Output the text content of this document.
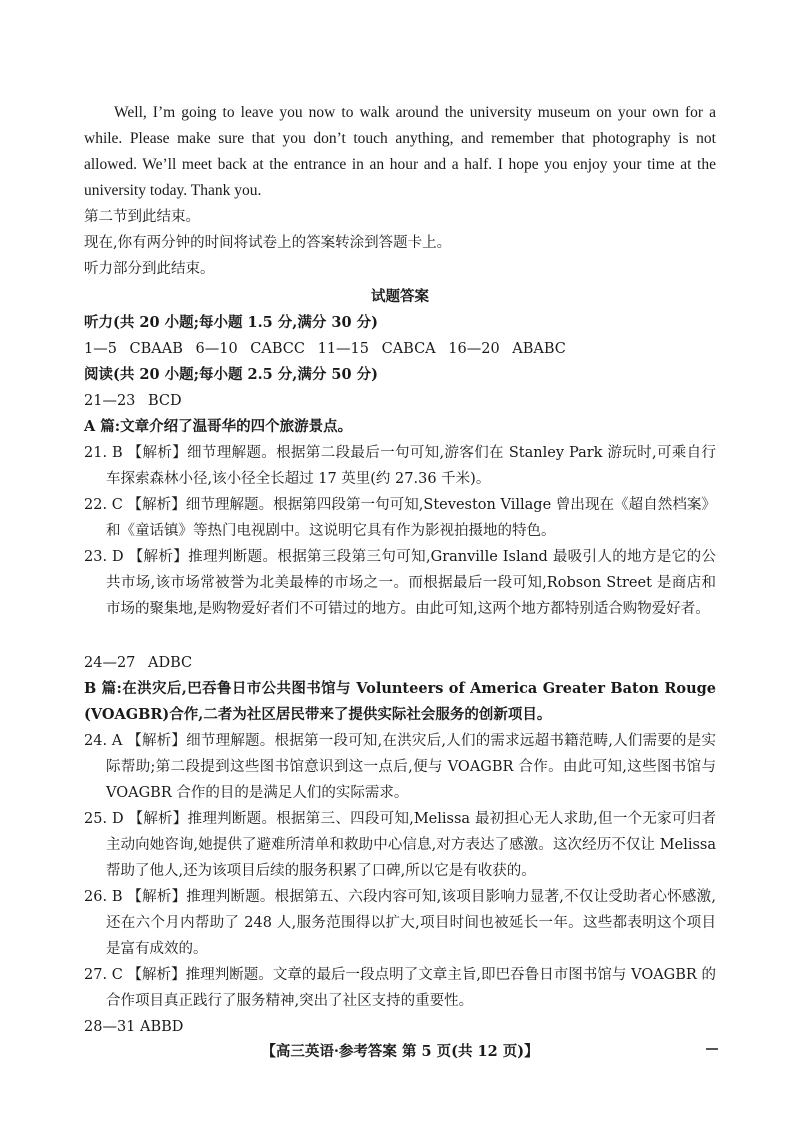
Well, I’m going to leave you now to walk around the university museum on your own for a while. Please make sure that you don’t touch anything, and remember that photography is not allowed. We’ll meet back at the entrance in an hour and a half. I hope you enjoy your time at the university today. Thank you.
第二节到此结束。
现在,你有两分钟的时间将试卷上的答案转涂到答题卡上。
听力部分到此结束。
试题答案
听力(共 20 小题;每小题 1.5 分,满分 30 分)
1—5 CBAAB 6—10 CABCC 11—15 CABCA 16—20 ABABC
阅读(共 20 小题;每小题 2.5 分,满分 50 分)
21—23 BCD
A 篇:文章介绍了温哥华的四个旅游景点。
21. B 【解析】细节理解题。根据第二段最后一句可知,游客们在 Stanley Park 游玩时,可乘自行车探索森林小径,该小径全长超过 17 英里(约 27.36 千米)。
22. C 【解析】细节理解题。根据第四段第一句可知,Steveston Village 曾出现在《超自然档案》和《童话镇》等热门电视剧中。这说明它具有作为影视拍摄地的特色。
23. D 【解析】推理判断题。根据第三段第三句可知,Granville Island 最吸引人的地方是它的公共市场,该市场常被誉为北美最棒的市场之一。而根据最后一段可知,Robson Street 是商店和市场的聚集地,是购物爱好者们不可错过的地方。由此可知,这两个地方都特别适合购物爱好者。
24—27 ADBC
B 篇:在洪灾后,巴吞鲁日市公共图书馆与 Volunteers of America Greater Baton Rouge (VOAGBR)合作,二者为社区居民带来了提供实际社会服务的创新项目。
24. A 【解析】细节理解题。根据第一段可知,在洪灾后,人们的需求远超书籍范畴,人们需要的是实际帮助;第二段提到这些图书馆意识到这一点后,便与 VOAGBR 合作。由此可知,这些图书馆与 VOAGBR 合作的目的是满足人们的实际需求。
25. D 【解析】推理判断题。根据第三、四段可知,Melissa 最初担心无人求助,但一个无家可归者主动向她咨询,她提供了避难所清单和救助中心信息,对方表达了感激。这次经历不仅让 Melissa 帮助了他人,还为该项目后续的服务积累了口碑,所以它是有收获的。
26. B 【解析】推理判断题。根据第五、六段内容可知,该项目影响力显著,不仅让受助者心怀感激,还在六个月内帮助了 248 人,服务范围得以扩大,项目时间也被延长一年。这些都表明这个项目是富有成效的。
27. C 【解析】推理判断题。文章的最后一段点明了文章主旨,即巴吞鲁日市图书馆与 VOAGBR 的合作项目真正践行了服务精神,突出了社区支持的重要性。
28—31 ABBD
【高三英语·参考答案 第 5 页(共 12 页)】
